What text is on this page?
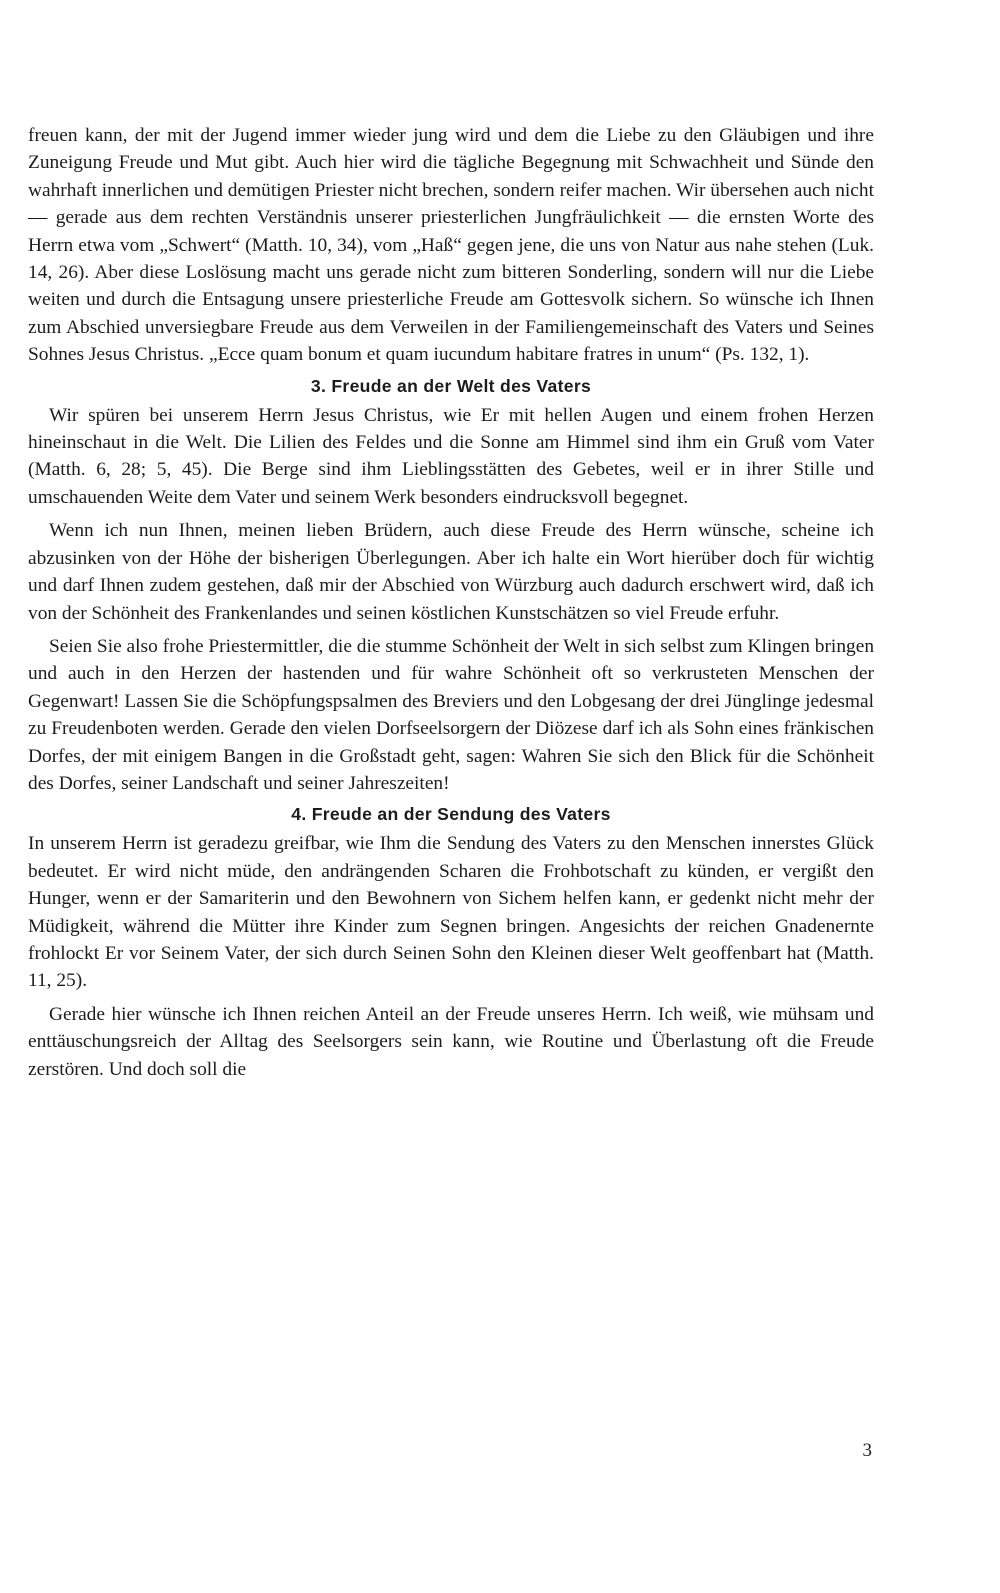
freuen kann, der mit der Jugend immer wieder jung wird und dem die Liebe zu den Gläubigen und ihre Zuneigung Freude und Mut gibt. Auch hier wird die tägliche Begegnung mit Schwachheit und Sünde den wahrhaft innerlichen und demütigen Priester nicht brechen, sondern reifer machen. Wir übersehen auch nicht — gerade aus dem rechten Verständnis unserer priesterlichen Jungfräulichkeit — die ernsten Worte des Herrn etwa vom „Schwert“ (Matth. 10, 34), vom „Haß“ gegen jene, die uns von Natur aus nahe stehen (Luk. 14, 26). Aber diese Loslösung macht uns gerade nicht zum bitteren Sonderling, sondern will nur die Liebe weiten und durch die Entsagung unsere priesterliche Freude am Gottesvolk sichern. So wünsche ich Ihnen zum Abschied unversiegbare Freude aus dem Verweilen in der Familiengemeinschaft des Vaters und Seines Sohnes Jesus Christus. „Ecce quam bonum et quam iucundum habitare fratres in unum“ (Ps. 132, 1).

3. Freude an der Welt des Vaters

Wir spüren bei unserem Herrn Jesus Christus, wie Er mit hellen Augen und einem frohen Herzen hineinschaut in die Welt. Die Lilien des Feldes und die Sonne am Himmel sind ihm ein Gruß vom Vater (Matth. 6, 28; 5, 45). Die Berge sind ihm Lieblingsstätten des Gebetes, weil er in ihrer Stille und umschauenden Weite dem Vater und seinem Werk besonders eindrucksvoll begegnet.

Wenn ich nun Ihnen, meinen lieben Brüdern, auch diese Freude des Herrn wünsche, scheine ich abzusinken von der Höhe der bisherigen Überlegungen. Aber ich halte ein Wort hierüber doch für wichtig und darf Ihnen zudem gestehen, daß mir der Abschied von Würzburg auch dadurch erschwert wird, daß ich von der Schönheit des Frankenlandes und seinen köstlichen Kunstschätzen so viel Freude erfuhr.

Seien Sie also frohe Priestermittler, die die stumme Schönheit der Welt in sich selbst zum Klingen bringen und auch in den Herzen der hastenden und für wahre Schönheit oft so verkrusteten Menschen der Gegenwart! Lassen Sie die Schöpfungspsalmen des Breviers und den Lobgesang der drei Jünglinge jedesmal zu Freudenboten werden. Gerade den vielen Dorfseelsorgern der Diözese darf ich als Sohn eines fränkischen Dorfes, der mit einigem Bangen in die Großstadt geht, sagen: Wahren Sie sich den Blick für die Schönheit des Dorfes, seiner Landschaft und seiner Jahreszeiten!

4. Freude an der Sendung des Vaters

In unserem Herrn ist geradezu greifbar, wie Ihm die Sendung des Vaters zu den Menschen innerstes Glück bedeutet. Er wird nicht müde, den andrängenden Scharen die Frohbotschaft zu künden, er vergißt den Hunger, wenn er der Samariterin und den Bewohnern von Sichem helfen kann, er gedenkt nicht mehr der Müdigkeit, während die Mütter ihre Kinder zum Segnen bringen. Angesichts der reichen Gnadenernte frohlockt Er vor Seinem Vater, der sich durch Seinen Sohn den Kleinen dieser Welt geoffenbart hat (Matth. 11, 25).

Gerade hier wünsche ich Ihnen reichen Anteil an der Freude unseres Herrn. Ich weiß, wie mühsam und enttäuschungsreich der Alltag des Seelsorgers sein kann, wie Routine und Überlastung oft die Freude zerstören. Und doch soll die

3
